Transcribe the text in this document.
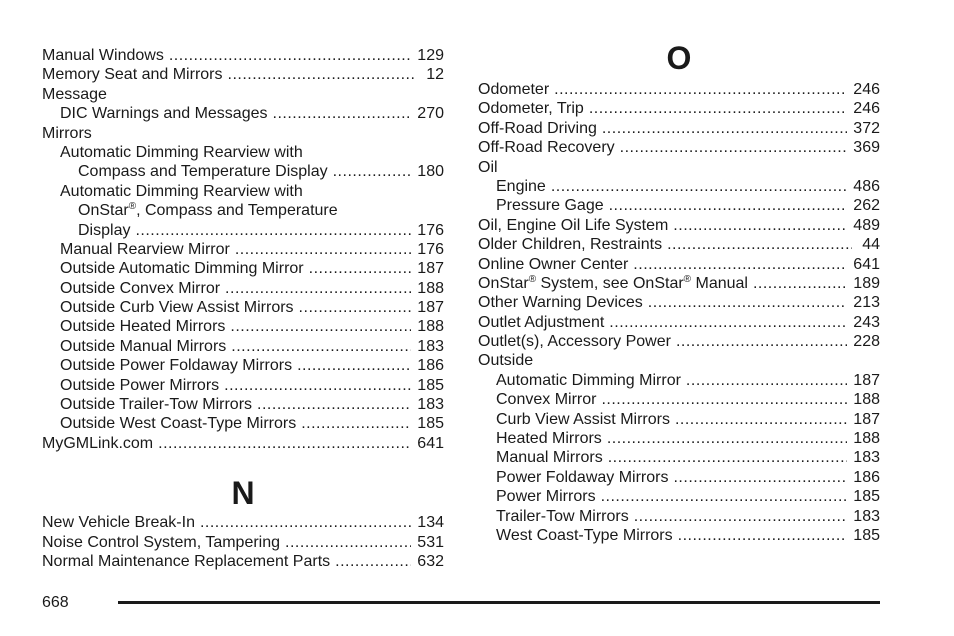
Manual Windows .....	129
Memory Seat and Mirrors .....	12
Message
DIC Warnings and Messages .....	270
Mirrors
Automatic Dimming Rearview with
Compass and Temperature Display .....	180
Automatic Dimming Rearview with
OnStar®, Compass and Temperature
Display .....	176
Manual Rearview Mirror .....	176
Outside Automatic Dimming Mirror .....	187
Outside Convex Mirror .....	188
Outside Curb View Assist Mirrors .....	187
Outside Heated Mirrors .....	188
Outside Manual Mirrors .....	183
Outside Power Foldaway Mirrors .....	186
Outside Power Mirrors .....	185
Outside Trailer-Tow Mirrors .....	183
Outside West Coast-Type Mirrors .....	185
MyGMLink.com .....	641
N
New Vehicle Break-In .....	134
Noise Control System, Tampering .....	531
Normal Maintenance Replacement Parts .....	632
O
Odometer .....	246
Odometer, Trip .....	246
Off-Road Driving .....	372
Off-Road Recovery .....	369
Oil
Engine .....	486
Pressure Gage .....	262
Oil, Engine Oil Life System .....	489
Older Children, Restraints .....	44
Online Owner Center .....	641
OnStar® System, see OnStar® Manual .....	189
Other Warning Devices .....	213
Outlet Adjustment .....	243
Outlet(s), Accessory Power .....	228
Outside
Automatic Dimming Mirror .....	187
Convex Mirror .....	188
Curb View Assist Mirrors .....	187
Heated Mirrors .....	188
Manual Mirrors .....	183
Power Foldaway Mirrors .....	186
Power Mirrors .....	185
Trailer-Tow Mirrors .....	183
West Coast-Type Mirrors .....	185
668
